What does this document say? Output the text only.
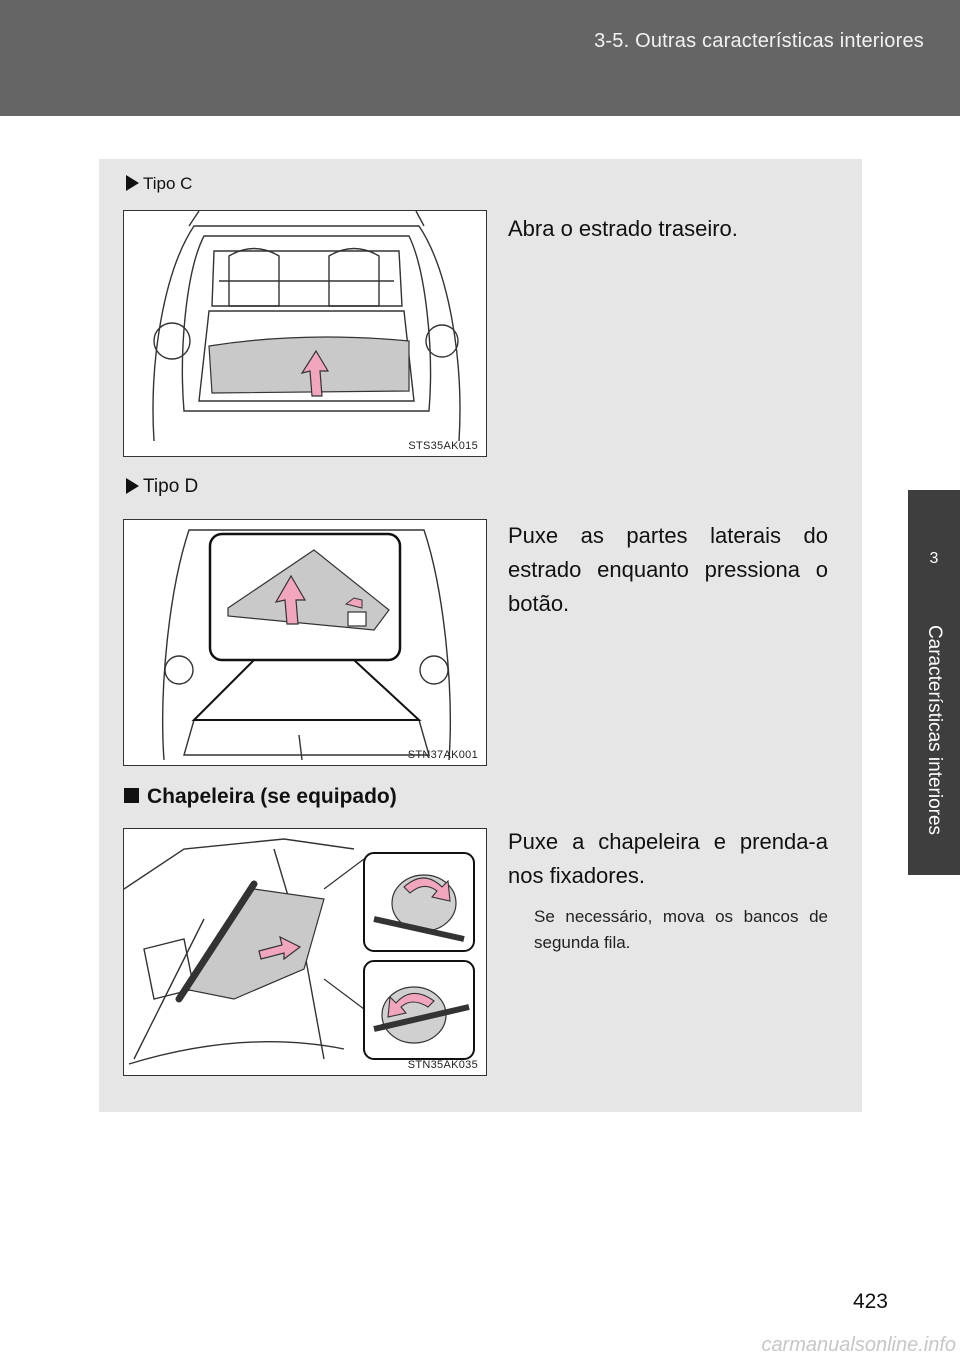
3-5. Outras características interiores
3
Características interiores
Tipo C
STS35AK015
Abra o estrado traseiro.
Tipo D
STN37AK001
Puxe as partes laterais do estrado enquanto pressiona o botão.
Chapeleira (se equipado)
STN35AK035
Puxe a chapeleira e prenda-a nos fixadores.
Se necessário, mova os bancos de segunda fila.
423
carmanualsonline.info
